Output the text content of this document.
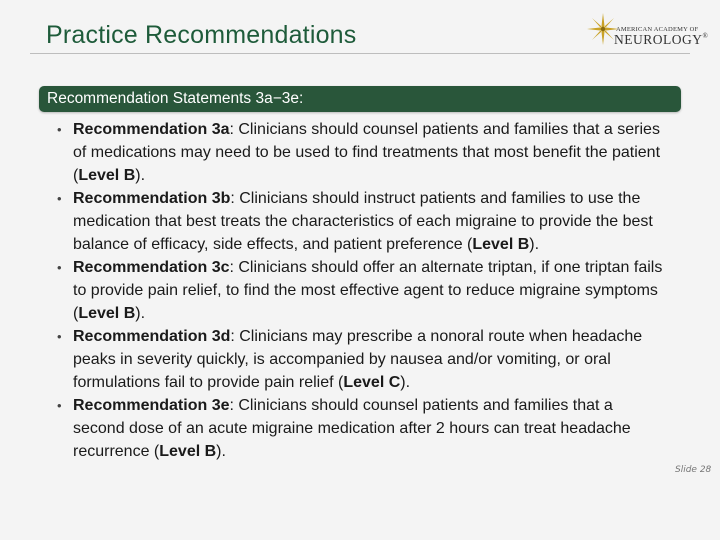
Practice Recommendations	AMERICAN ACADEMY OF
NEUROLOGY®
Recommendation Statements 3a−3e:
• Recommendation 3a: Clinicians should counsel patients and families that a series of medications may need to be used to find treatments that most benefit the patient (Level B).
• Recommendation 3b: Clinicians should instruct patients and families to use the medication that best treats the characteristics of each migraine to provide the best balance of efficacy, side effects, and patient preference (Level B).
• Recommendation 3c: Clinicians should offer an alternate triptan, if one triptan fails to provide pain relief, to find the most effective agent to reduce migraine symptoms (Level B).
• Recommendation 3d: Clinicians may prescribe a nonoral route when headache peaks in severity quickly, is accompanied by nausea and/or vomiting, or oral formulations fail to provide pain relief (Level C).
• Recommendation 3e: Clinicians should counsel patients and families that a second dose of an acute migraine medication after 2 hours can treat headache recurrence (Level B).
Slide 28
